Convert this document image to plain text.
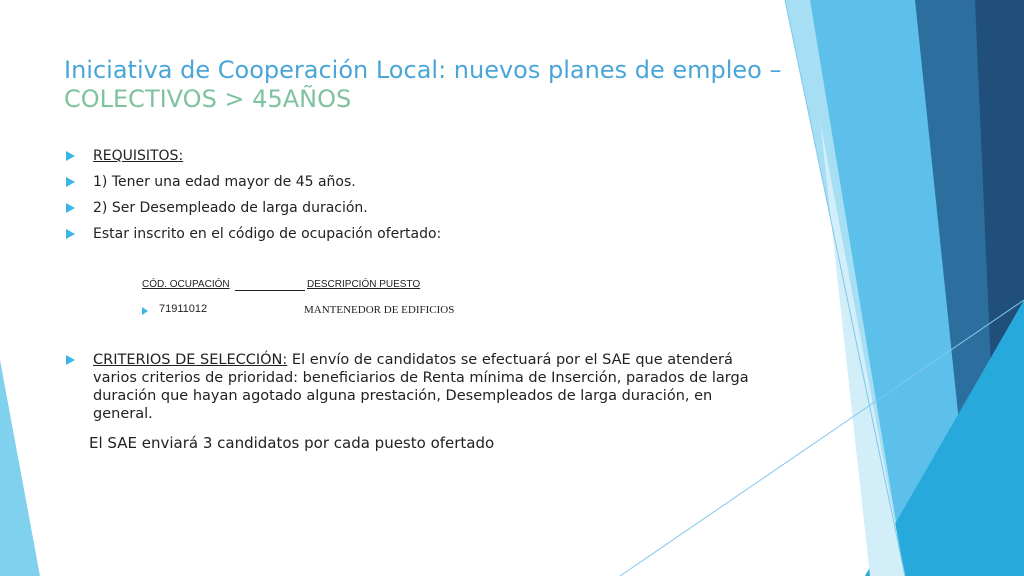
Iniciativa de Cooperación Local: nuevos planes de empleo –
COLECTIVOS > 45AÑOS
REQUISITOS:
1) Tener una edad mayor de 45 años.
2) Ser Desempleado de larga duración.
Estar inscrito en el código de ocupación ofertado:
CÓD. OCUPACIÓN	DESCRIPCIÓN PUESTO
71911012	MANTENEDOR DE EDIFICIOS
CRITERIOS DE SELECCIÓN: El envío de candidatos se efectuará por el SAE que atenderá varios criterios de prioridad: beneficiarios de Renta mínima de Inserción, parados de larga duración que hayan agotado alguna prestación, Desempleados de larga duración, en general.
El SAE enviará 3 candidatos por cada puesto ofertado
